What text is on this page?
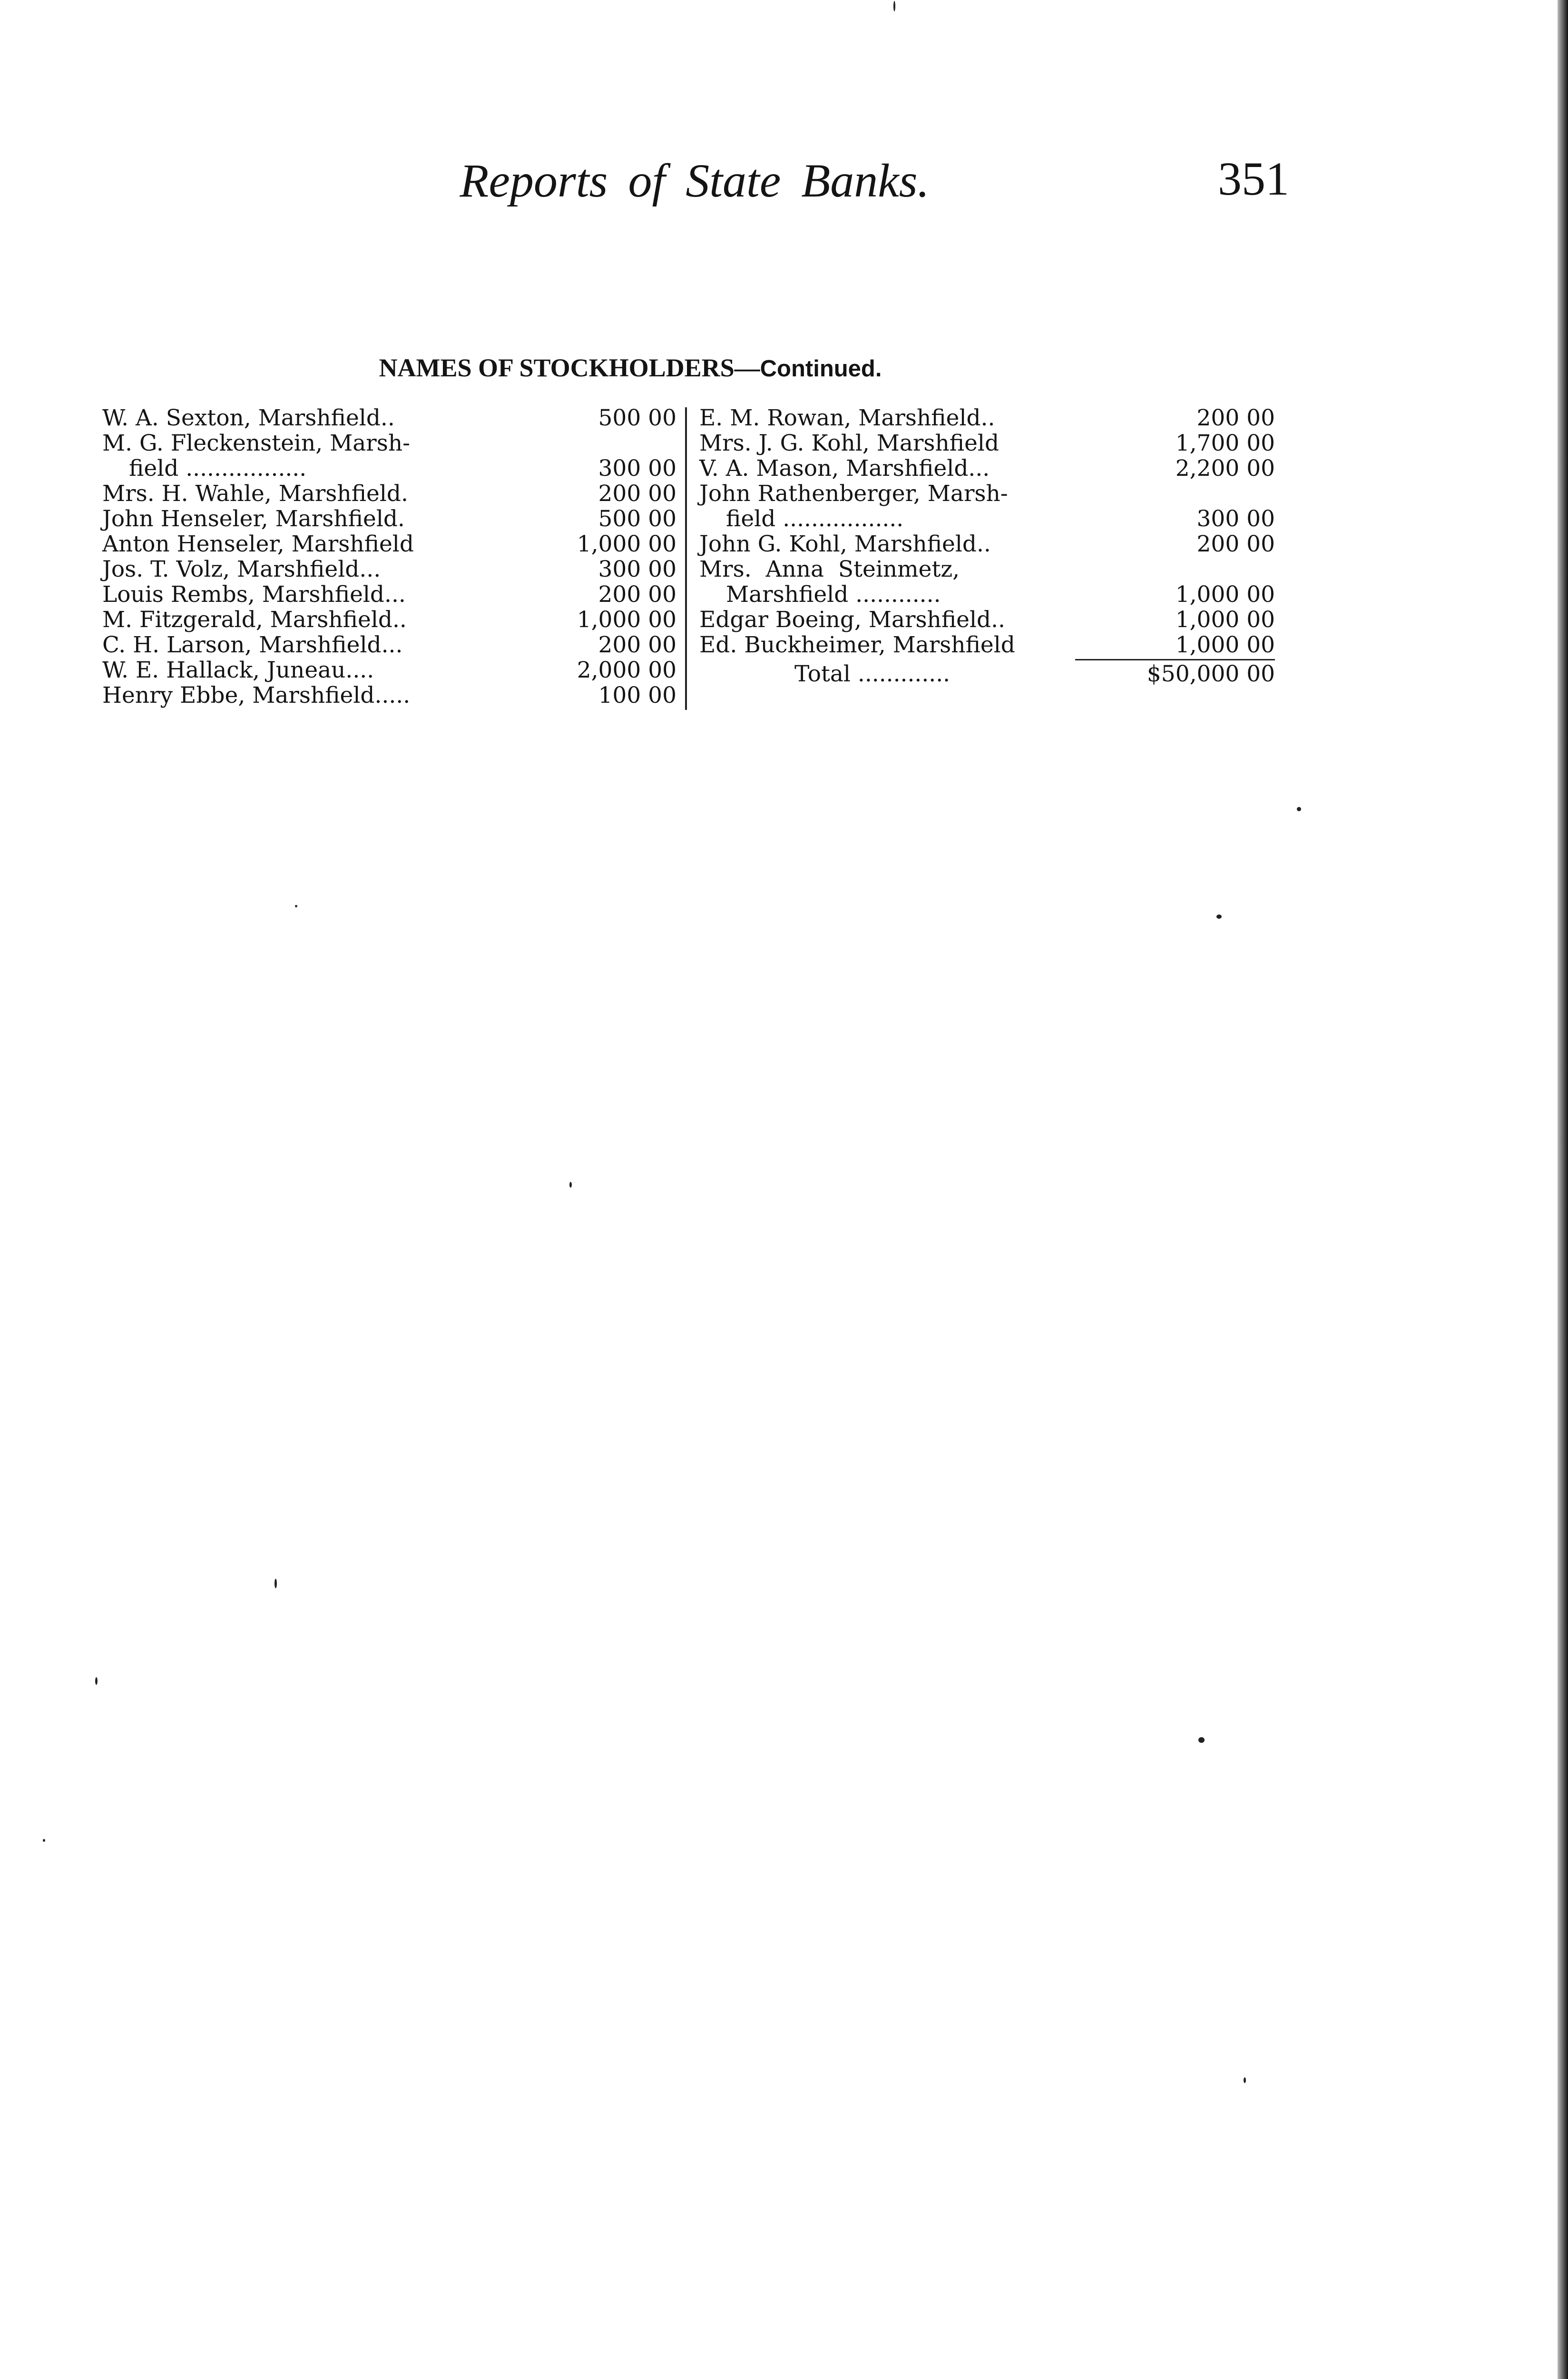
Reports of State Banks.	351
NAMES OF STOCKHOLDERS—Continued.
W. A. Sexton, Marshfield..	500 00
M. G. Fleckenstein, Marsh-
field .................	300 00
Mrs. H. Wahle, Marshfield.	200 00
John Henseler, Marshfield.	500 00
Anton Henseler, Marshfield	1,000 00
Jos. T. Volz, Marshfield...	300 00
Louis Rembs, Marshfield...	200 00
M. Fitzgerald, Marshfield..	1,000 00
C. H. Larson, Marshfield...	200 00
W. E. Hallack, Juneau....	2,000 00
Henry Ebbe, Marshfield.....	100 00
E. M. Rowan, Marshfield..	200 00
Mrs. J. G. Kohl, Marshfield	1,700 00
V. A. Mason, Marshfield...	2,200 00
John Rathenberger, Marsh-
field .................	300 00
John G. Kohl, Marshfield..	200 00
Mrs.  Anna  Steinmetz,
Marshfield ............	1,000 00
Edgar Boeing, Marshfield..	1,000 00
Ed. Buckheimer, Marshfield	1,000 00
Total .............	$50,000 00
